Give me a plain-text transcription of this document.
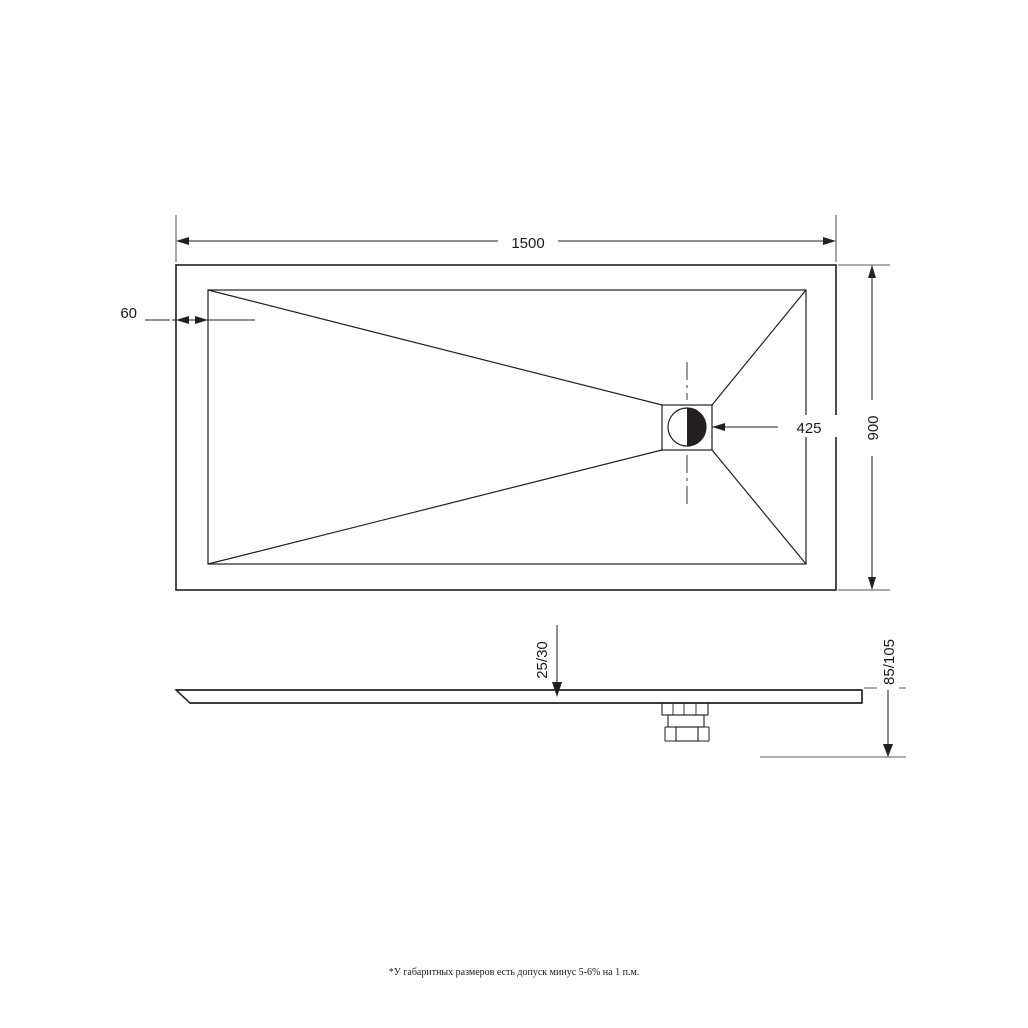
1500
900
60
425
25/30	85/105
*У габаритных размеров есть допуск минус 5-6% на 1 п.м.
